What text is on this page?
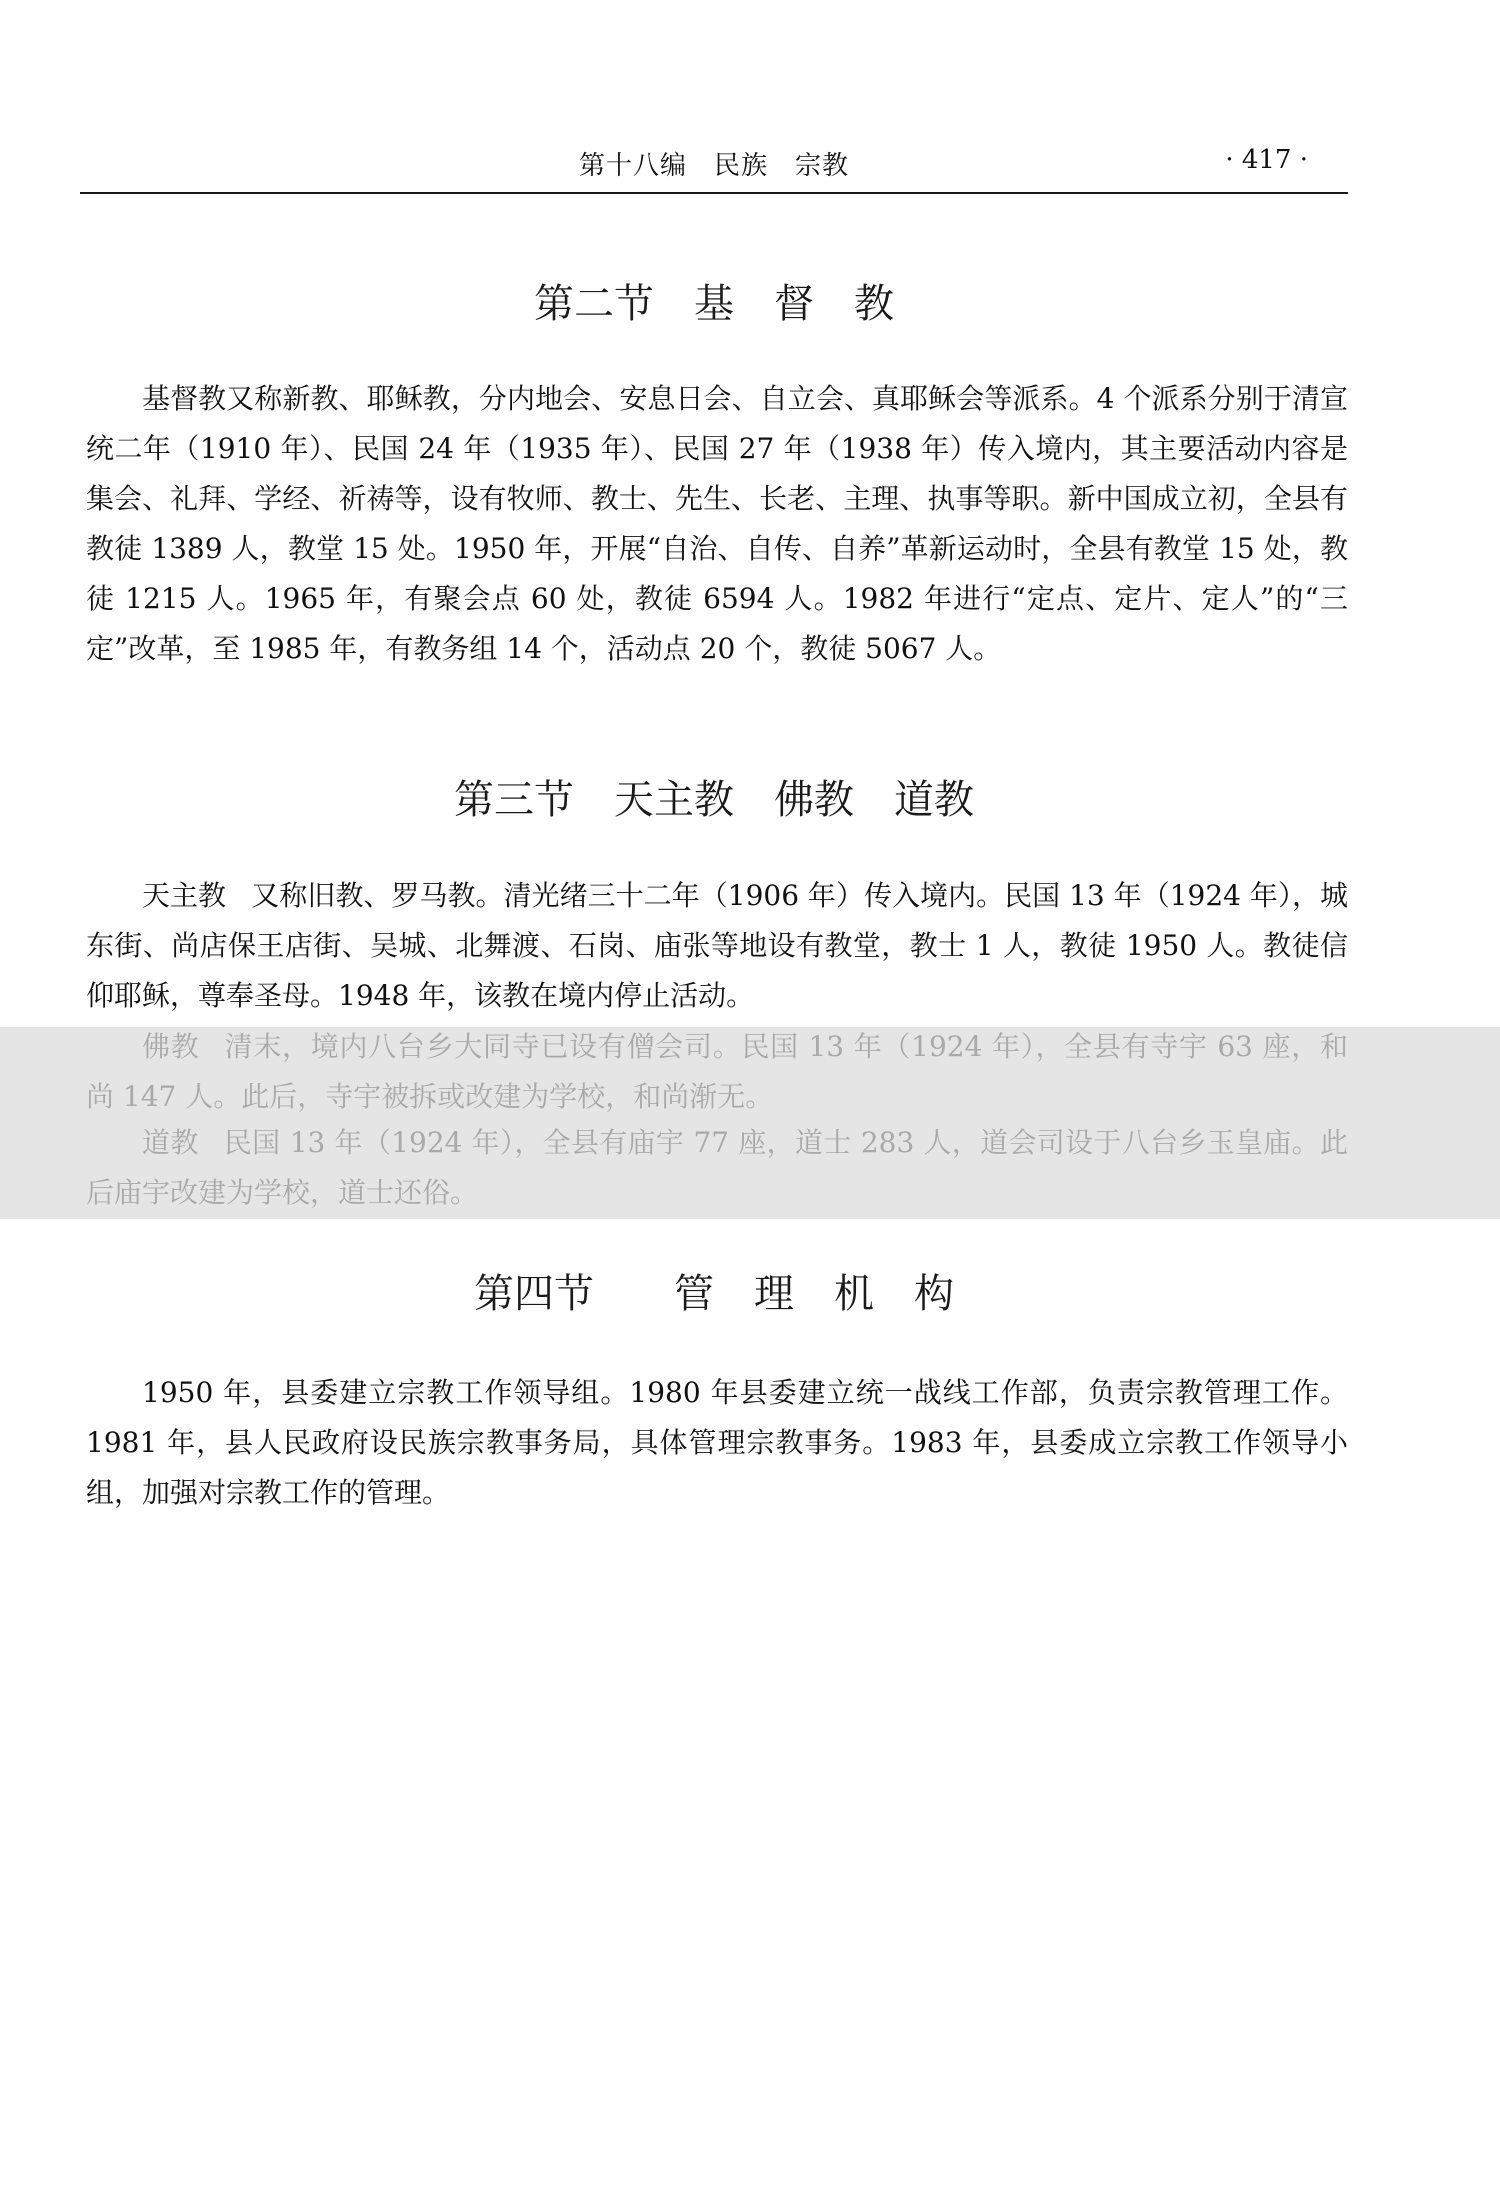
第十八编　民族　宗教	· 417 ·
第二节　基　督　教

基督教又称新教、耶稣教，分内地会、安息日会、自立会、真耶稣会等派系。4 个派系分别于清宣统二年（1910 年）、民国 24 年（1935 年）、民国 27 年（1938 年）传入境内，其主要活动内容是集会、礼拜、学经、祈祷等，设有牧师、教士、先生、长老、主理、执事等职。新中国成立初，全县有教徒 1389 人，教堂 15 处。1950 年，开展“自治、自传、自养”革新运动时，全县有教堂 15 处，教徒 1215 人。1965 年，有聚会点 60 处，教徒 6594 人。1982 年进行“定点、定片、定人”的“三定”改革，至 1985 年，有教务组 14 个，活动点 20 个，教徒 5067 人。

第三节　天主教　佛教　道教

天主教 又称旧教、罗马教。清光绪三十二年（1906 年）传入境内。民国 13 年（1924 年），城东街、尚店保王店街、吴城、北舞渡、石岗、庙张等地设有教堂，教士 1 人，教徒 1950 人。教徒信仰耶稣，尊奉圣母。1948 年，该教在境内停止活动。

佛教 清末，境内八台乡大同寺已设有僧会司。民国 13 年（1924 年），全县有寺宇 63 座，和尚 147 人。此后，寺宇被拆或改建为学校，和尚渐无。

道教 民国 13 年（1924 年），全县有庙宇 77 座，道士 283 人，道会司设于八台乡玉皇庙。此后庙宇改建为学校，道士还俗。

第四节　　管　理　机　构

1950 年，县委建立宗教工作领导组。1980 年县委建立统一战线工作部，负责宗教管理工作。1981 年，县人民政府设民族宗教事务局，具体管理宗教事务。1983 年，县委成立宗教工作领导小组，加强对宗教工作的管理。
